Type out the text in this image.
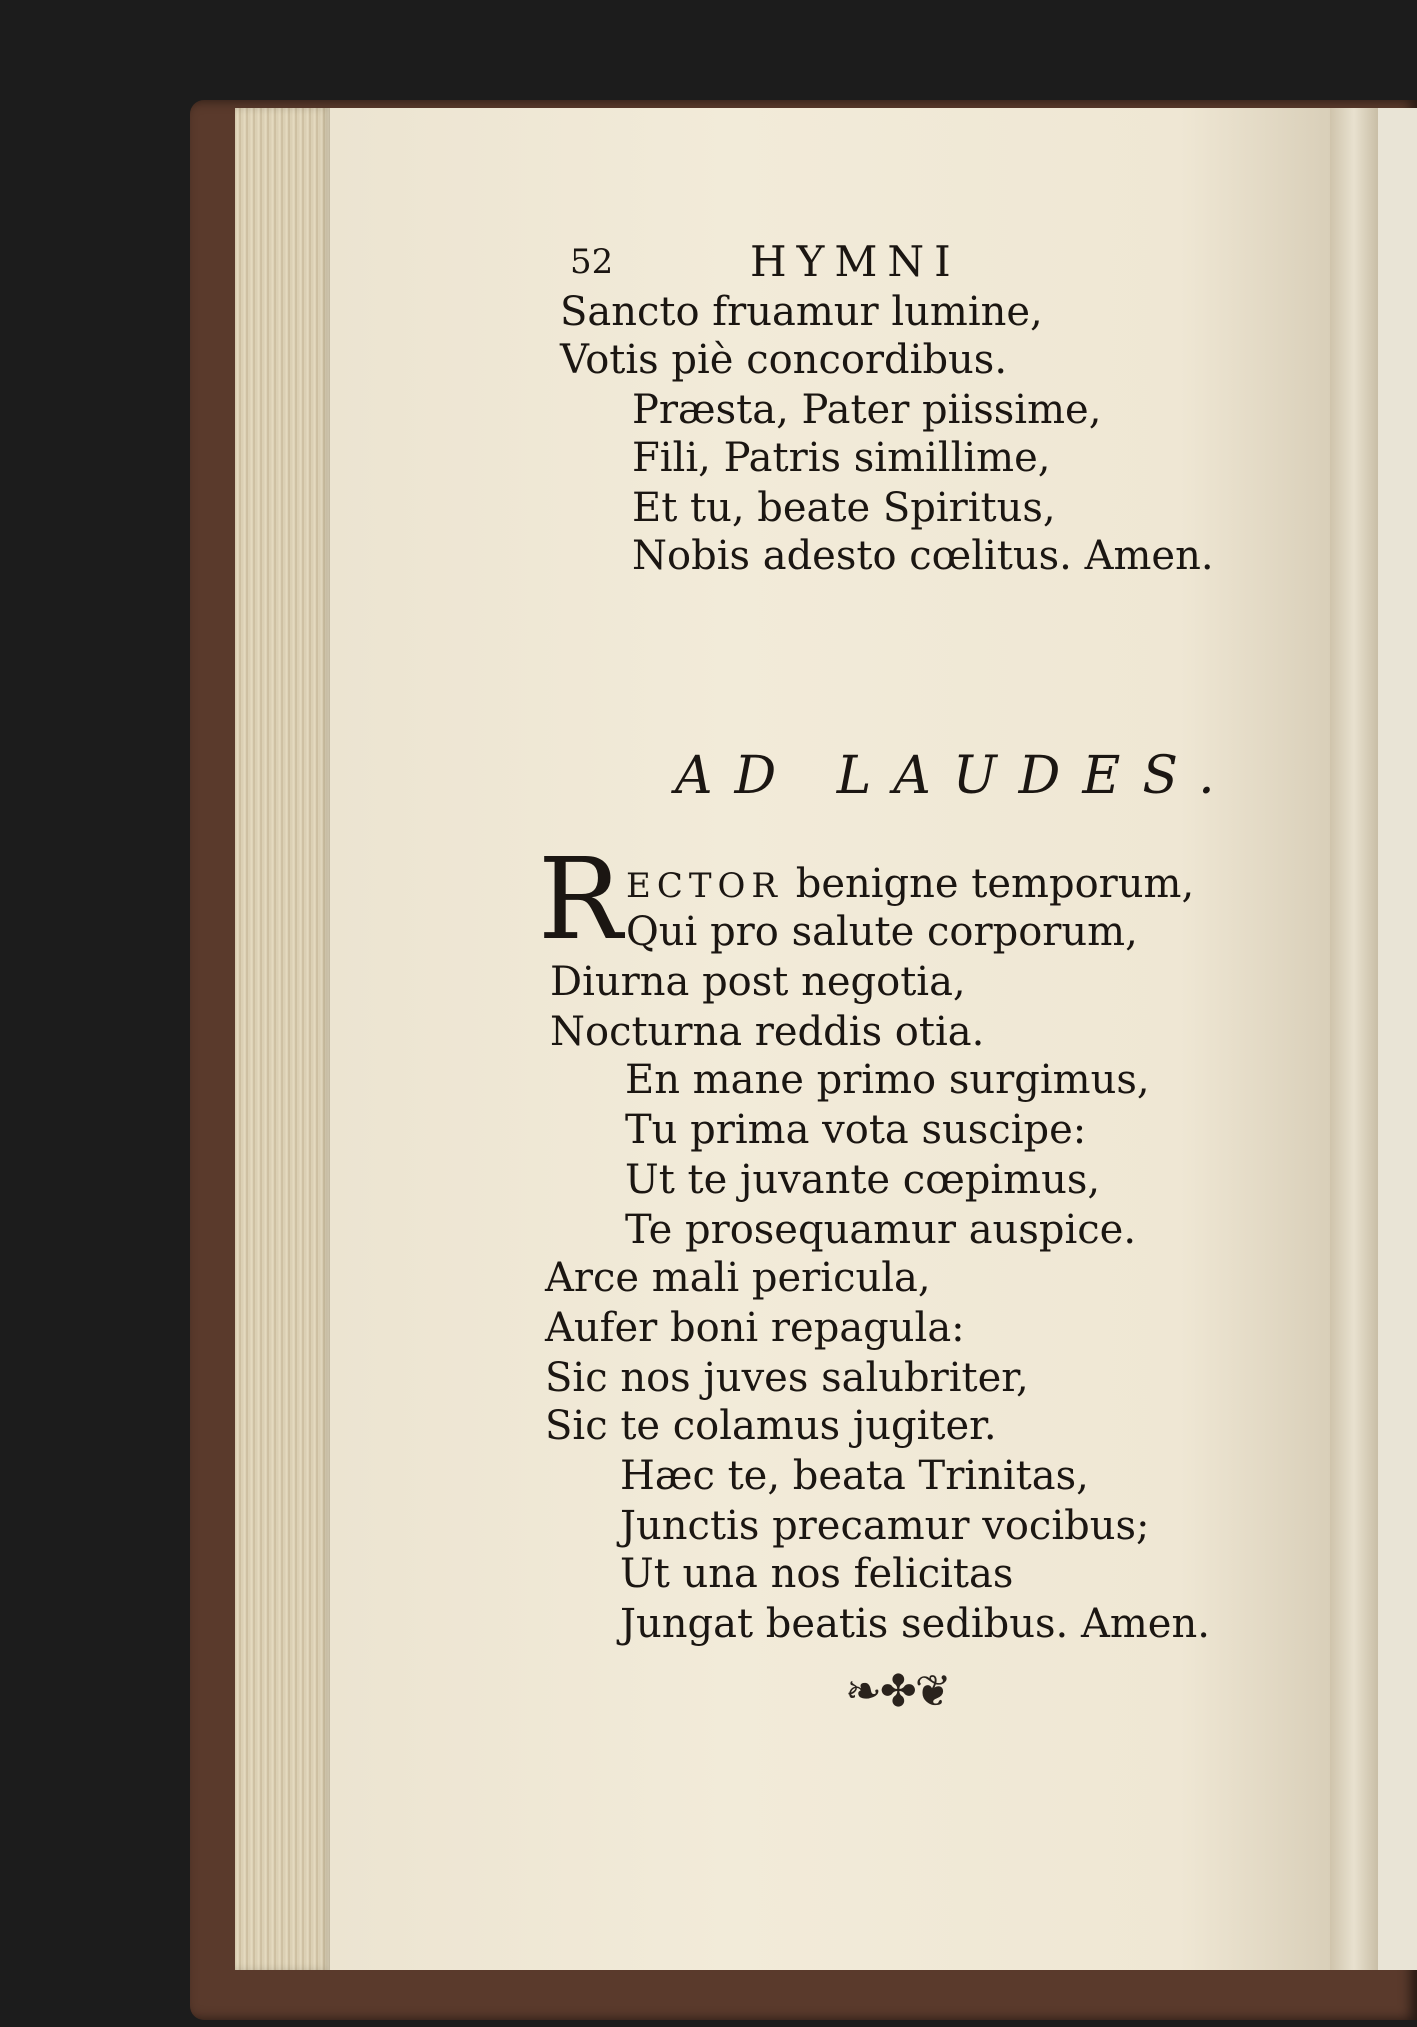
52	HYMNI
Sancto fruamur lumine,
Votis piè concordibus.
Præsta, Pater piissime,
Fili, Patris simillime,
Et tu, beate Spiritus,
Nobis adesto cœlitus. Amen.
AD LAUDES.
R ECTOR benigne temporum,
Qui pro salute corporum,
Diurna post negotia,
Nocturna reddis otia.
En mane primo surgimus,
Tu prima vota suscipe:
Ut te juvante cœpimus,
Te prosequamur auspice.
Arce mali pericula,
Aufer boni repagula:
Sic nos juves salubriter,
Sic te colamus jugiter.
Hæc te, beata Trinitas,
Junctis precamur vocibus;
Ut una nos felicitas
Jungat beatis sedibus. Amen.
❧✤❦
